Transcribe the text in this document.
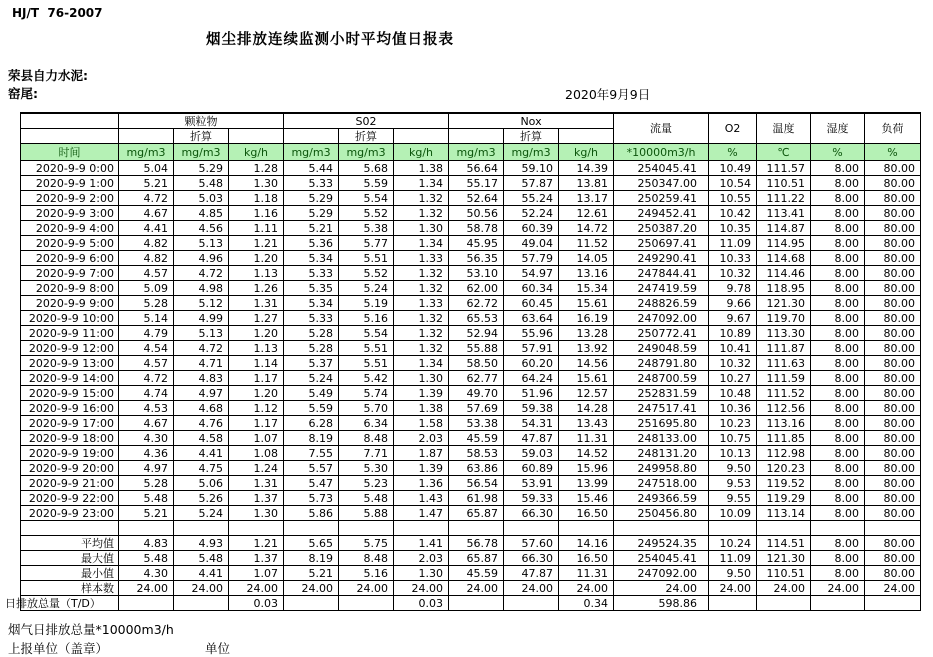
HJ/T  76-2007
烟尘排放连续监测小时平均值日报表
荣县自力水泥:
窑尾:	2020年9月9日
	颗粒物			S02			Nox			流量	O2	温度	湿度	负荷
		折算			折算			折算						
时间	mg/m3	mg/m3	kg/h	mg/m3	mg/m3	kg/h	mg/m3	mg/m3	kg/h	*10000m3/h	%	℃	%	%
2020-9-9 0:00	5.04	5.29	1.28	5.44	5.68	1.38	56.64	59.10	14.39	254045.41	10.49	111.57	8.00	80.00
2020-9-9 1:00	5.21	5.48	1.30	5.33	5.59	1.34	55.17	57.87	13.81	250347.00	10.54	110.51	8.00	80.00
2020-9-9 2:00	4.72	5.03	1.18	5.29	5.54	1.32	52.64	55.24	13.17	250259.41	10.55	111.22	8.00	80.00
2020-9-9 3:00	4.67	4.85	1.16	5.29	5.52	1.32	50.56	52.24	12.61	249452.41	10.42	113.41	8.00	80.00
2020-9-9 4:00	4.41	4.56	1.11	5.21	5.38	1.30	58.78	60.39	14.72	250387.20	10.35	114.87	8.00	80.00
2020-9-9 5:00	4.82	5.13	1.21	5.36	5.77	1.34	45.95	49.04	11.52	250697.41	11.09	114.95	8.00	80.00
2020-9-9 6:00	4.82	4.96	1.20	5.34	5.51	1.33	56.35	57.79	14.05	249290.41	10.33	114.68	8.00	80.00
2020-9-9 7:00	4.57	4.72	1.13	5.33	5.52	1.32	53.10	54.97	13.16	247844.41	10.32	114.46	8.00	80.00
2020-9-9 8:00	5.09	4.98	1.26	5.35	5.24	1.32	62.00	60.34	15.34	247419.59	9.78	118.95	8.00	80.00
2020-9-9 9:00	5.28	5.12	1.31	5.34	5.19	1.33	62.72	60.45	15.61	248826.59	9.66	121.30	8.00	80.00
2020-9-9 10:00	5.14	4.99	1.27	5.33	5.16	1.32	65.53	63.64	16.19	247092.00	9.67	119.70	8.00	80.00
2020-9-9 11:00	4.79	5.13	1.20	5.28	5.54	1.32	52.94	55.96	13.28	250772.41	10.89	113.30	8.00	80.00
2020-9-9 12:00	4.54	4.72	1.13	5.28	5.51	1.32	55.88	57.91	13.92	249048.59	10.41	111.87	8.00	80.00
2020-9-9 13:00	4.57	4.71	1.14	5.37	5.51	1.34	58.50	60.20	14.56	248791.80	10.32	111.63	8.00	80.00
2020-9-9 14:00	4.72	4.83	1.17	5.24	5.42	1.30	62.77	64.24	15.61	248700.59	10.27	111.59	8.00	80.00
2020-9-9 15:00	4.74	4.97	1.20	5.49	5.74	1.39	49.70	51.96	12.57	252831.59	10.48	111.52	8.00	80.00
2020-9-9 16:00	4.53	4.68	1.12	5.59	5.70	1.38	57.69	59.38	14.28	247517.41	10.36	112.56	8.00	80.00
2020-9-9 17:00	4.67	4.76	1.17	6.28	6.34	1.58	53.38	54.31	13.43	251695.80	10.23	113.16	8.00	80.00
2020-9-9 18:00	4.30	4.58	1.07	8.19	8.48	2.03	45.59	47.87	11.31	248133.00	10.75	111.85	8.00	80.00
2020-9-9 19:00	4.36	4.41	1.08	7.55	7.71	1.87	58.53	59.03	14.52	248131.20	10.13	112.98	8.00	80.00
2020-9-9 20:00	4.97	4.75	1.24	5.57	5.30	1.39	63.86	60.89	15.96	249958.80	9.50	120.23	8.00	80.00
2020-9-9 21:00	5.28	5.06	1.31	5.47	5.23	1.36	56.54	53.91	13.99	247518.00	9.53	119.52	8.00	80.00
2020-9-9 22:00	5.48	5.26	1.37	5.73	5.48	1.43	61.98	59.33	15.46	249366.59	9.55	119.29	8.00	80.00
2020-9-9 23:00	5.21	5.24	1.30	5.86	5.88	1.47	65.87	66.30	16.50	250456.80	10.09	113.14	8.00	80.00

平均值	4.83	4.93	1.21	5.65	5.75	1.41	56.78	57.60	14.16	249524.35	10.24	114.51	8.00	80.00
最大值	5.48	5.48	1.37	8.19	8.48	2.03	65.87	66.30	16.50	254045.41	11.09	121.30	8.00	80.00
最小值	4.30	4.41	1.07	5.21	5.16	1.30	45.59	47.87	11.31	247092.00	9.50	110.51	8.00	80.00
样本数	24.00	24.00	24.00	24.00	24.00	24.00	24.00	24.00	24.00	24.00	24.00	24.00	24.00	24.00
日排放总量（T/D）			0.03			0.03			0.34	598.86				
烟气日排放总量*10000m3/h
上报单位（盖章）	单位
